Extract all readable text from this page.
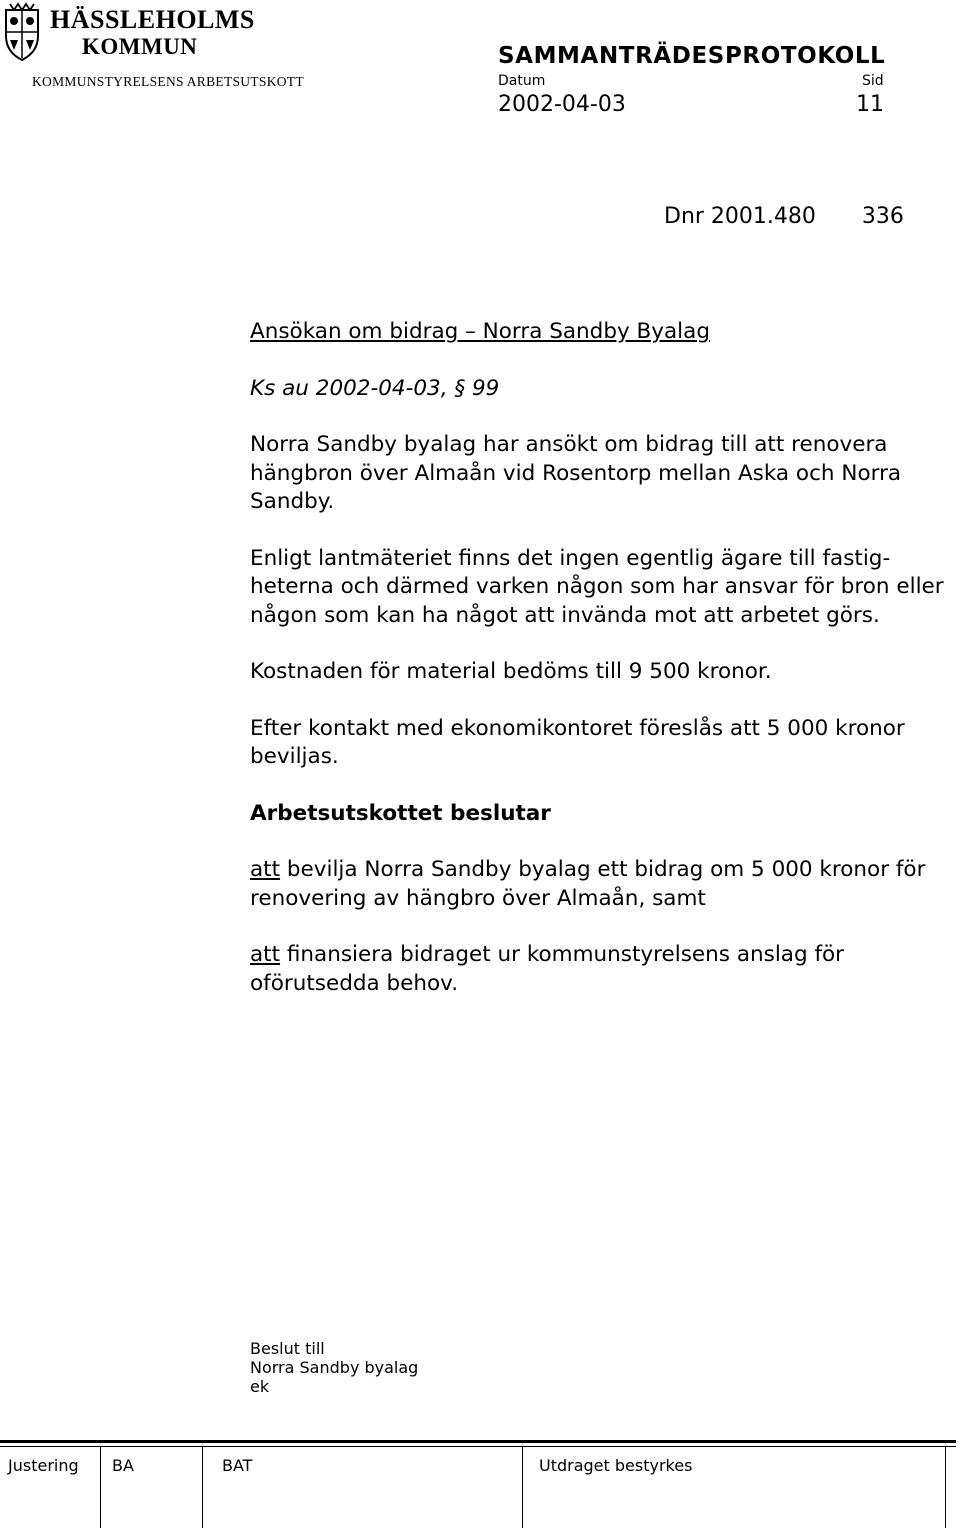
HÄSSLEHOLMS
KOMMUN
KOMMUNSTYRELSENS ARBETSUTSKOTT
SAMMANTRÄDESPROTOKOLL
Datum	Sid
2002-04-03	11
Dnr 2001.480 336

Ansökan om bidrag – Norra Sandby Byalag

Ks au 2002-04-03, § 99

Norra Sandby byalag har ansökt om bidrag till att renovera hängbron över Almaån vid Rosentorp mellan Aska och Norra Sandby.

Enligt lantmäteriet finns det ingen egentlig ägare till fastig-heterna och därmed varken någon som har ansvar för bron eller någon som kan ha något att invända mot att arbetet görs.

Kostnaden för material bedöms till 9 500 kronor.

Efter kontakt med ekonomikontoret föreslås att 5 000 kronor beviljas.

Arbetsutskottet beslutar

att bevilja Norra Sandby byalag ett bidrag om 5 000 kronor för renovering av hängbro över Almaån, samt

att finansiera bidraget ur kommunstyrelsens anslag för oförutsedda behov.

Beslut till
Norra Sandby byalag
ek
Justering BA	BAT	Utdraget bestyrkes
